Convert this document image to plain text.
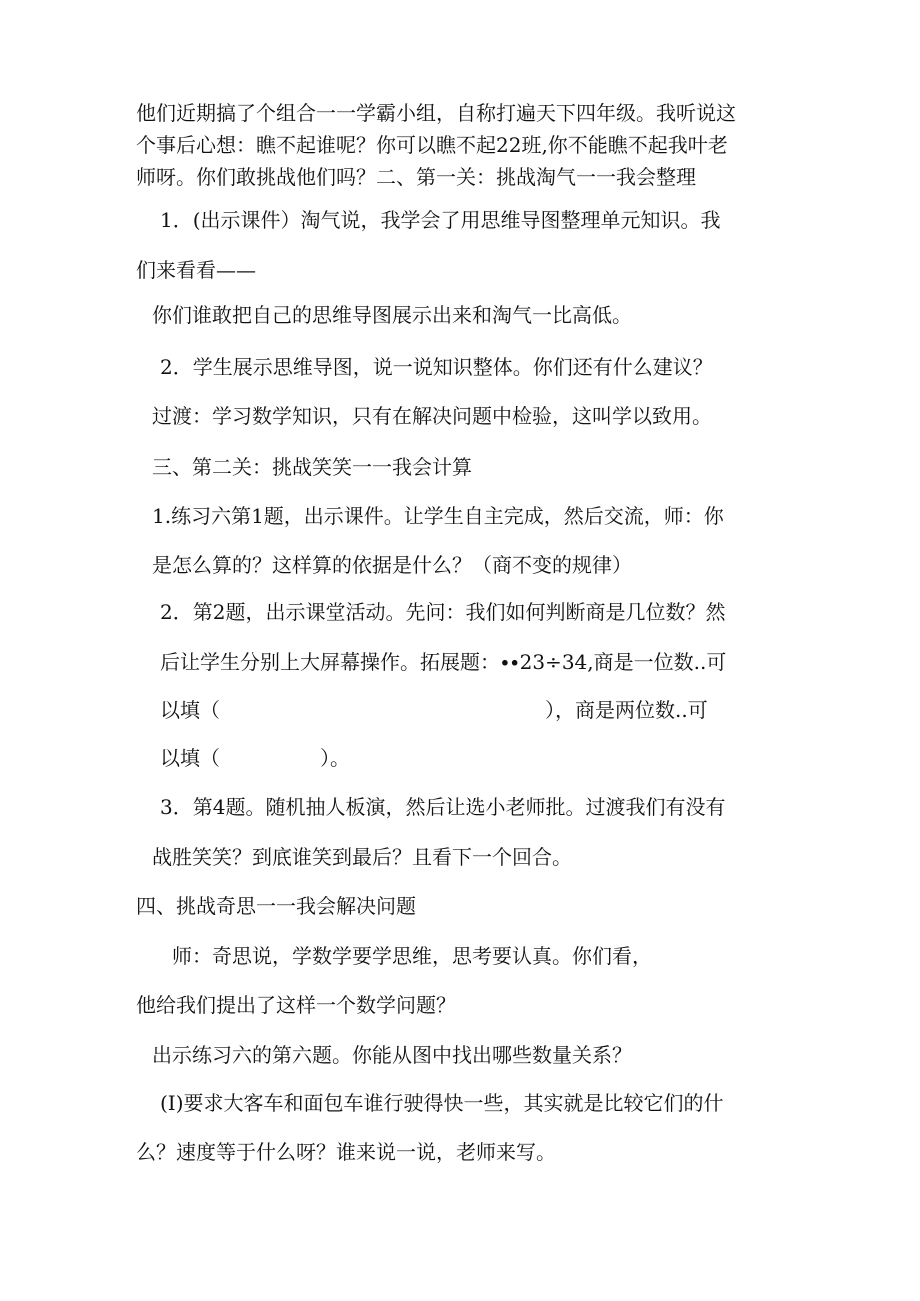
他们近期搞了个组合一一学霸小组，自称打遍天下四年级。我听说这
个事后心想：瞧不起谁呢？你可以瞧不起22班,你不能瞧不起我叶老
师呀。你们敢挑战他们吗？二、第一关：挑战淘气一一我会整理
1．(出示课件）淘气说，我学会了用思维导图整理单元知识。我
们来看看——
你们谁敢把自己的思维导图展示出来和淘气一比高低。
2．学生展示思维导图，说一说知识整体。你们还有什么建议？
过渡：学习数学知识，只有在解决问题中检验，这叫学以致用。
三、第二关：挑战笑笑一一我会计算
1.练习六第1题，出示课件。让学生自主完成，然后交流，师：你
是怎么算的？这样算的依据是什么？（商不变的规律）
2．第2题，出示课堂活动。先问：我们如何判断商是几位数？然
后让学生分别上大屏幕操作。拓展题：∙∙23÷34,商是一位数..可
以填（	），商是两位数..可
以填（	）。
3．第4题。随机抽人板演，然后让选小老师批。过渡我们有没有
战胜笑笑？到底谁笑到最后？且看下一个回合。
四、挑战奇思一一我会解决问题
师：奇思说，学数学要学思维，思考要认真。你们看，
他给我们提出了这样一个数学问题？
出示练习六的第六题。你能从图中找出哪些数量关系？
(I)要求大客车和面包车谁行驶得快一些，其实就是比较它们的什
么？速度等于什么呀？谁来说一说，老师来写。
